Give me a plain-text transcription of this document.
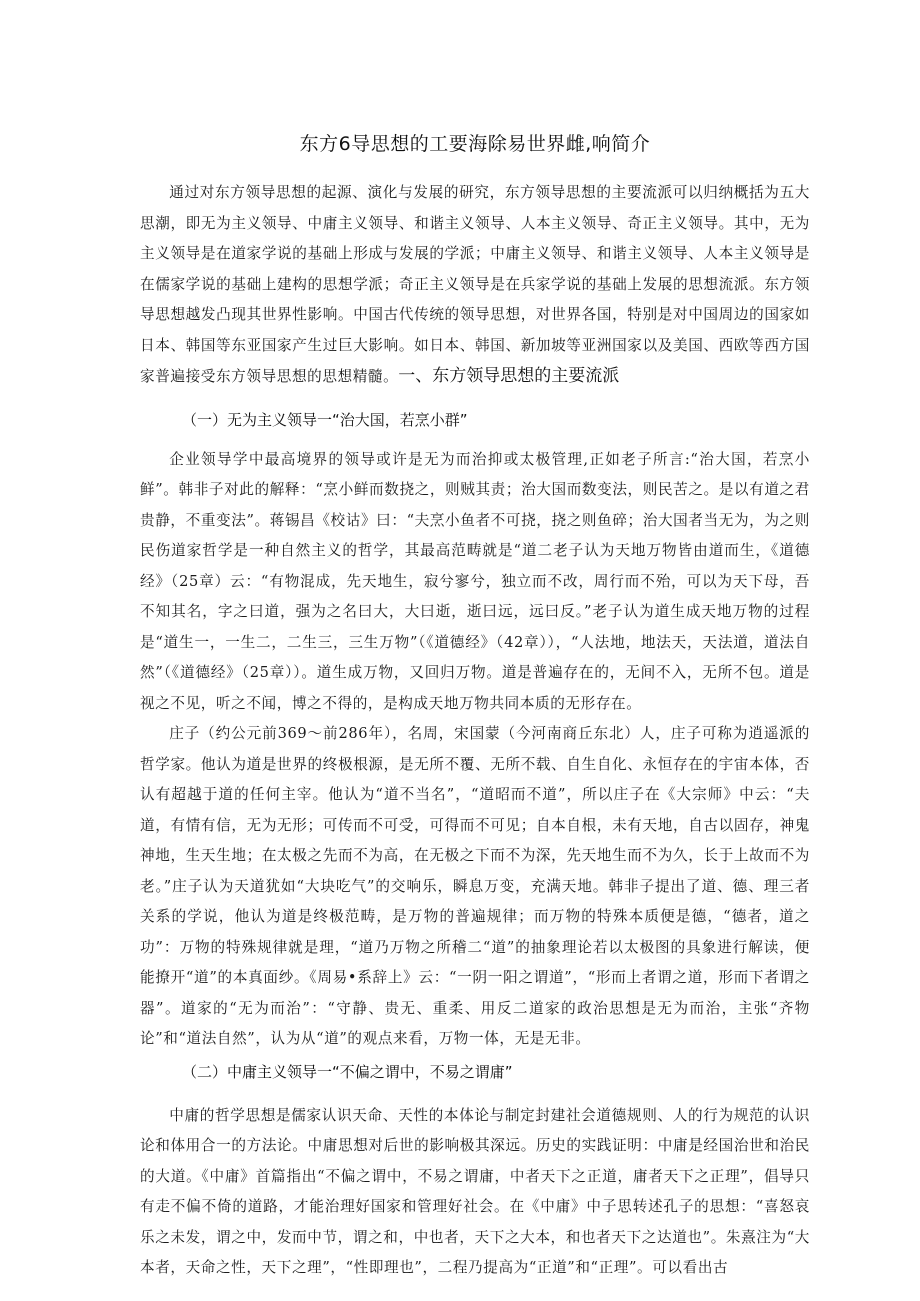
东方6导思想的工要海除易世界雌,响简介

通过对东方领导思想的起源、演化与发展的研究，东方领导思想的主要流派可以归纳概括为五大思潮，即无为主义领导、中庸主义领导、和谐主义领导、人本主义领导、奇正主义领导。其中，无为主义领导是在道家学说的基础上形成与发展的学派；中庸主义领导、和谐主义领导、人本主义领导是在儒家学说的基础上建构的思想学派；奇正主义领导是在兵家学说的基础上发展的思想流派。东方领导思想越发凸现其世界性影响。中国古代传统的领导思想，对世界各国，特别是对中国周边的国家如日本、韩国等东亚国家产生过巨大影响。如日本、韩国、新加坡等亚洲国家以及美国、西欧等西方国家普遍接受东方领导思想的思想精髓。一、东方领导思想的主要流派

（一）无为主义领导一“治大国，若烹小群”

企业领导学中最高境界的领导或许是无为而治抑或太极管理,正如老子所言:“治大国，若烹小鲜”。韩非子对此的解释：“烹小鲜而数挠之，则贼其责；治大国而数变法，则民苦之。是以有道之君贵静，不重变法”。蒋锡昌《校诂》曰：“夫烹小鱼者不可挠，挠之则鱼碎；治大国者当无为，为之则民伤道家哲学是一种自然主义的哲学，其最高范畴就是“道二老子认为天地万物皆由道而生，《道德经》（25章）云：“有物混成，先天地生，寂兮寥兮，独立而不改，周行而不殆，可以为天下母，吾不知其名，字之曰道，强为之名曰大，大曰逝，逝曰远，远曰反。”老子认为道生成天地万物的过程是“道生一，一生二，二生三，三生万物”（《道德经》（42章）），“人法地，地法天，天法道，道法自然”（《道德经》（25章））。道生成万物，又回归万物。道是普遍存在的，无间不入，无所不包。道是视之不见，听之不闻，博之不得的，是构成天地万物共同本质的无形存在。

庄子（约公元前369〜前286年），名周，宋国蒙（今河南商丘东北）人，庄子可称为逍遥派的哲学家。他认为道是世界的终极根源，是无所不覆、无所不载、自生自化、永恒存在的宇宙本体，否认有超越于道的任何主宰。他认为“道不当名”，“道昭而不道”，所以庄子在《大宗师》中云：“夫道，有情有信，无为无形；可传而不可受，可得而不可见；自本自根，未有天地，自古以固存，神鬼神地，生天生地；在太极之先而不为高，在无极之下而不为深，先天地生而不为久，长于上故而不为老。”庄子认为天道犹如“大块吃气”的交响乐，瞬息万变，充满天地。韩非子提出了道、德、理三者关系的学说，他认为道是终极范畴，是万物的普遍规律；而万物的特殊本质便是德，“德者，道之功”：万物的特殊规律就是理，“道乃万物之所稽二“道”的抽象理论若以太极图的具象进行解读，便能撩开“道”的本真面纱。《周易•系辞上》云：“一阴一阳之谓道”，“形而上者谓之道，形而下者谓之器”。道家的“无为而治”：“守静、贵无、重柔、用反二道家的政治思想是无为而治，主张“齐物论”和“道法自然”，认为从“道”的观点来看，万物一体，无是无非。

（二）中庸主义领导一“不偏之谓中，不易之谓庸”

中庸的哲学思想是儒家认识天命、天性的本体论与制定封建社会道德规则、人的行为规范的认识论和体用合一的方法论。中庸思想对后世的影响极其深远。历史的实践证明：中庸是经国治世和治民的大道。《中庸》首篇指出“不偏之谓中，不易之谓庸，中者天下之正道，庸者天下之正理”，倡导只有走不偏不倚的道路，才能治理好国家和管理好社会。在《中庸》中子思转述孔子的思想：“喜怒哀乐之未发，谓之中，发而中节，谓之和，中也者，天下之大本，和也者天下之达道也”。朱熹注为“大本者，天命之性，天下之理”，“性即理也”，二程乃提高为“正道”和“正理”。可以看出古
